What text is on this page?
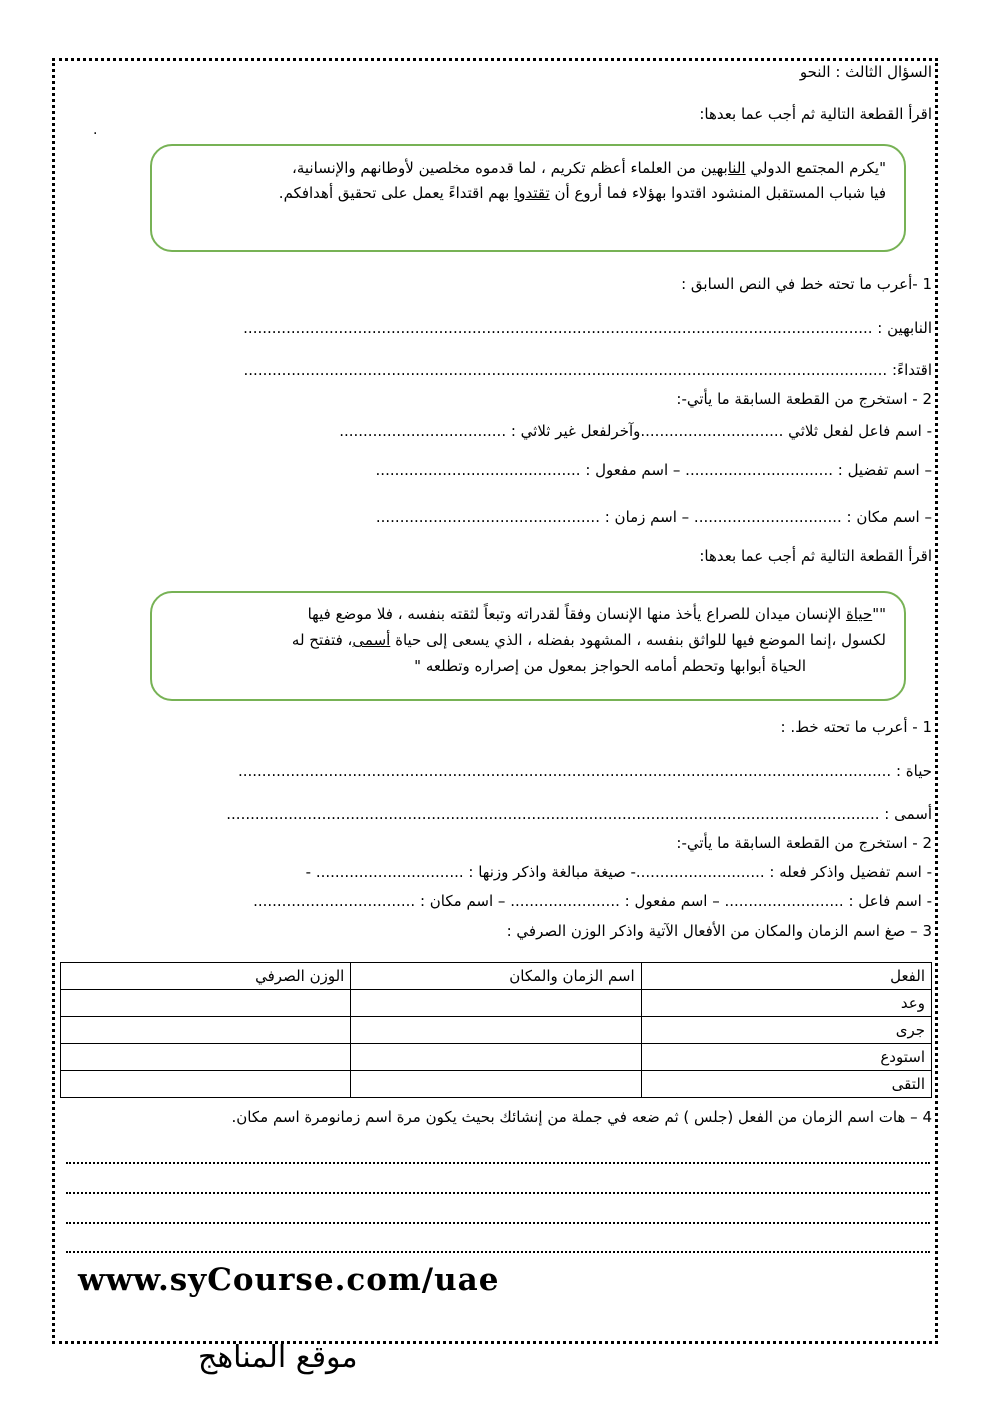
السؤال الثالث : النحو
اقرأ القطعة التالية ثم أجب عما بعدها:
.
"يكرم المجتمع الدولي النابهين من العلماء أعظم تكريم ، لما قدموه مخلصين لأوطانهم والإنسانية،
فيا شباب المستقبل المنشود اقتدوا بهؤلاء فما أروع أن تقتدوا بهم اقتداءً يعمل على تحقيق أهدافكم.
1 -أعرب ما تحته خط في النص السابق :
النابهين : ....................................................................................................................................
اقتداءً: .......................................................................................................................................
2 - استخرج من القطعة السابقة ما يأتي-:
- اسم فاعل لفعل ثلاثي ..............................وآخرلفعل غير ثلاثي : ...................................
– اسم تفضيل : ............................... – اسم مفعول : ...........................................
– اسم مكان : ............................... – اسم زمان : ...............................................
اقرأ القطعة التالية ثم أجب عما بعدها:
""حياة الإنسان ميدان للصراع يأخذ منها الإنسان وفقاً لقدراته وتبعاً لثقته بنفسه ، فلا موضع فيها
لكسول ،إنما الموضع فيها للواثق بنفسه ، المشهود بفضله ، الذي يسعى إلى حياة أسمى، فتفتح له
الحياة أبوابها وتحطم أمامه الحواجز بمعول من إصراره وتطلعه "
1 - أعرب ما تحته خط. :
حياة : .........................................................................................................................................
أسمى : .........................................................................................................................................
2 - استخرج من القطعة السابقة ما يأتي-:
- اسم تفضيل واذكر فعله : ...........................- صيغة مبالغة واذكر وزنها : ............................... -
- اسم فاعل : ......................... – اسم مفعول : ....................... – اسم مكان : ..................................
3 – صغ اسم الزمان والمكان من الأفعال الآتية واذكر الوزن الصرفي :
الفعل	اسم الزمان والمكان	الوزن الصرفي
وعد		
جرى		
استودع		
التقى		
4 – هات اسم الزمان من الفعل (جلس ) ثم ضعه في جملة من إنشائك بحيث يكون مرة اسم زمانومرة اسم مكان.
www.syCourse.com/uae
موقع المناهج
